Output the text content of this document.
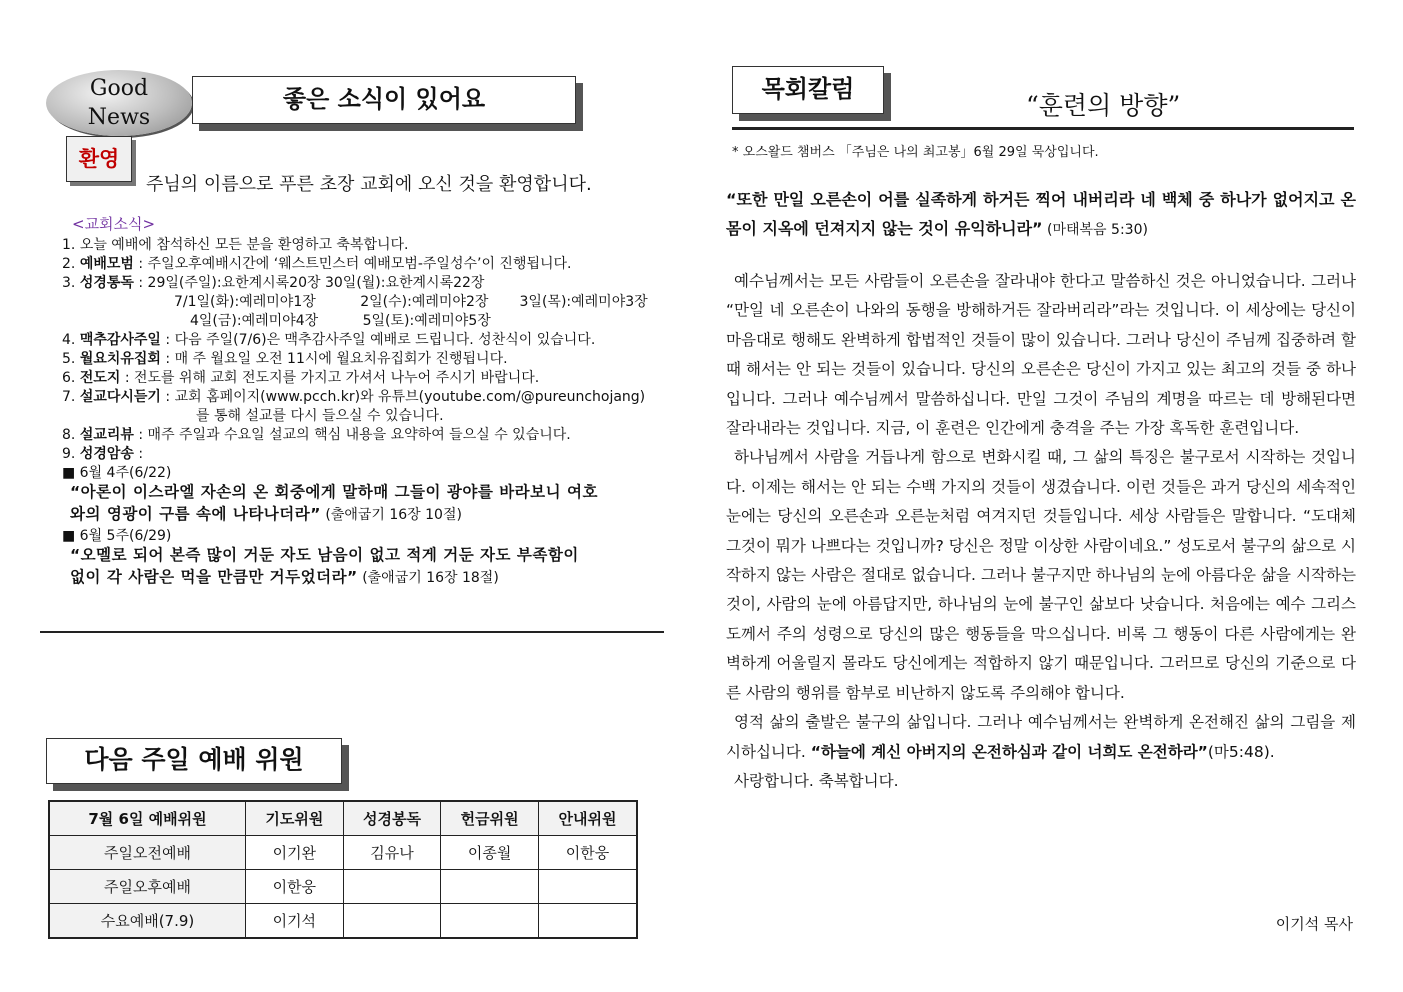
Good
News
좋은 소식이 있어요
환영
주님의 이름으로 푸른 초장 교회에 오신 것을 환영합니다.
<교회소식>
1. 오늘 예배에 참석하신 모든 분을 환영하고 축복합니다.
2. 예배모범 : 주일오후예배시간에 ‘웨스트민스터 예배모범-주일성수’이 진행됩니다.
3. 성경통독 : 29일(주일):요한계시록20장 30일(월):요한계시록22장
7/1일(화):예레미야1장          2일(수):예레미야2장       3일(목):예레미야3장
4일(금):예레미야4장          5일(토):예레미야5장
4. 맥추감사주일 : 다음 주일(7/6)은 맥추감사주일 예배로 드립니다. 성찬식이 있습니다.
5. 월요치유집회 : 매 주 월요일 오전 11시에 월요치유집회가 진행됩니다.
6. 전도지 : 전도를 위해 교회 전도지를 가지고 가셔서 나누어 주시기 바랍니다.
7. 설교다시듣기 : 교회 홈페이지(www.pcch.kr)와 유튜브(youtube.com/@pureunchojang)
를 통해 설교를 다시 들으실 수 있습니다.
8. 설교리뷰 : 매주 주일과 수요일 설교의 핵심 내용을 요약하여 들으실 수 있습니다.
9. 성경암송 :
■ 6월 4주(6/22)
“아론이 이스라엘 자손의 온 회중에게 말하매 그들이 광야를 바라보니 여호
와의 영광이 구름 속에 나타나더라” (출애굽기 16장 10절)
■ 6월 5주(6/29)
“오멜로 되어 본즉 많이 거둔 자도 남음이 없고 적게 거둔 자도 부족함이
없이 각 사람은 먹을 만큼만 거두었더라” (출애굽기 16장 18절)
다음 주일 예배 위원
7월 6일 예배위원	기도위원	성경봉독	헌금위원	안내위원
주일오전예배	이기완	김유나	이종월	이한웅
주일오후예배	이한웅			
수요예배(7.9)	이기석			
목회칼럼
“훈련의 방향”
* 오스왈드 챔버스 「주님은 나의 최고봉」6월 29일 묵상입니다.
“또한 만일 오른손이 어를 실족하게 하거든 찍어 내버리라 네 백체 중 하나가 없어지고 온 몸이 지옥에 던져지지 않는 것이 유익하니라” (마태복음 5:30)
예수님께서는 모든 사람들이 오른손을 잘라내야 한다고 말씀하신 것은 아니었습니다. 그러나 “만일 네 오른손이 나와의 동행을 방해하거든 잘라버리라”라는 것입니다. 이 세상에는 당신이 마음대로 행해도 완벽하게 합법적인 것들이 많이 있습니다. 그러나 당신이 주님께 집중하려 할 때 해서는 안 되는 것들이 있습니다. 당신의 오른손은 당신이 가지고 있는 최고의 것들 중 하나입니다. 그러나 예수님께서 말씀하십니다. 만일 그것이 주님의 계명을 따르는 데 방해된다면 잘라내라는 것입니다. 지금, 이 훈련은 인간에게 충격을 주는 가장 혹독한 훈련입니다.
하나님께서 사람을 거듭나게 함으로 변화시킬 때, 그 삶의 특징은 불구로서 시작하는 것입니다. 이제는 해서는 안 되는 수백 가지의 것들이 생겼습니다. 이런 것들은 과거 당신의 세속적인 눈에는 당신의 오른손과 오른눈처럼 여겨지던 것들입니다. 세상 사람들은 말합니다. “도대체 그것이 뭐가 나쁘다는 것입니까? 당신은 정말 이상한 사람이네요.” 성도로서 불구의 삶으로 시작하지 않는 사람은 절대로 없습니다. 그러나 불구지만 하나님의 눈에 아름다운 삶을 시작하는 것이, 사람의 눈에 아름답지만, 하나님의 눈에 불구인 삶보다 낫습니다. 처음에는 예수 그리스도께서 주의 성령으로 당신의 많은 행동들을 막으십니다. 비록 그 행동이 다른 사람에게는 완벽하게 어울릴지 몰라도 당신에게는 적합하지 않기 때문입니다. 그러므로 당신의 기준으로 다른 사람의 행위를 함부로 비난하지 않도록 주의해야 합니다.
영적 삶의 출발은 불구의 삶입니다. 그러나 예수님께서는 완벽하게 온전해진 삶의 그림을 제시하십니다. “하늘에 계신 아버지의 온전하심과 같이 너희도 온전하라”(마5:48).
사랑합니다. 축복합니다.
이기석 목사
